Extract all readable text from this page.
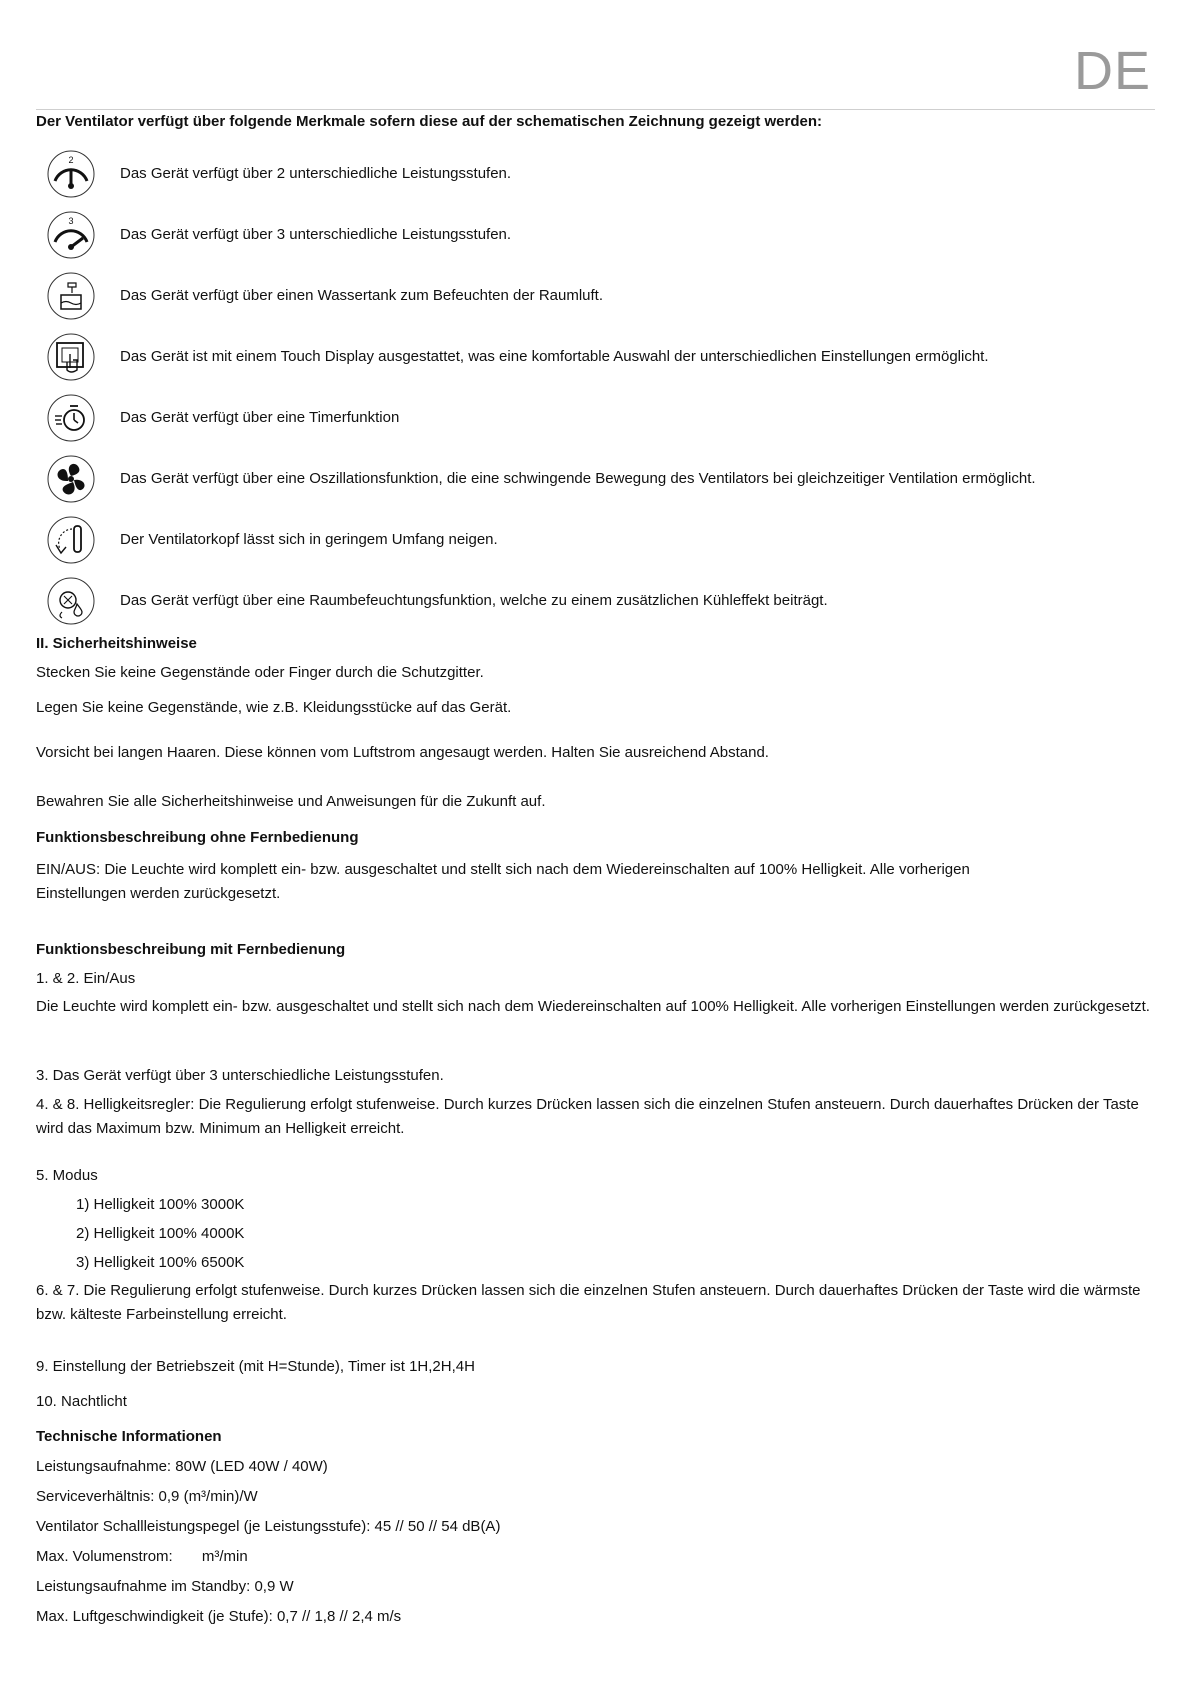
DE

Der Ventilator verfügt über folgende Merkmale sofern diese auf der schematischen Zeichnung gezeigt werden:

2
Das Gerät verfügt über 2 unterschiedliche Leistungsstufen.
3
Das Gerät verfügt über 3 unterschiedliche Leistungsstufen.
Das Gerät verfügt über einen Wassertank zum Befeuchten der Raumluft.
Das Gerät ist mit einem Touch Display ausgestattet, was eine komfortable Auswahl der unterschiedlichen Einstellungen ermöglicht.
Das Gerät verfügt über eine Timerfunktion
Das Gerät verfügt über eine Oszillationsfunktion, die eine schwingende Bewegung des Ventilators bei gleichzeitiger Ventilation ermöglicht.
Der Ventilatorkopf lässt sich in geringem Umfang neigen.
Das Gerät verfügt über eine Raumbefeuchtungsfunktion, welche zu einem zusätzlichen Kühleffekt beiträgt.

II. Sicherheitshinweise

Stecken Sie keine Gegenstände oder Finger durch die Schutzgitter.

Legen Sie keine Gegenstände, wie z.B. Kleidungsstücke auf das Gerät.

Vorsicht bei langen Haaren. Diese können vom Luftstrom angesaugt werden. Halten Sie ausreichend Abstand.

Bewahren Sie alle Sicherheitshinweise und Anweisungen für die Zukunft auf.

Funktionsbeschreibung ohne Fernbedienung

EIN/AUS: Die Leuchte wird komplett ein- bzw. ausgeschaltet und stellt sich nach dem Wiedereinschalten auf 100% Helligkeit. Alle vorherigen Einstellungen werden zurückgesetzt.

Funktionsbeschreibung mit Fernbedienung

1. & 2. Ein/Aus

Die Leuchte wird komplett ein- bzw. ausgeschaltet und stellt sich nach dem Wiedereinschalten auf 100% Helligkeit. Alle vorherigen Einstellungen werden zurückgesetzt.

3. Das Gerät verfügt über 3 unterschiedliche Leistungsstufen.

4. & 8. Helligkeitsregler: Die Regulierung erfolgt stufenweise. Durch kurzes Drücken lassen sich die einzelnen Stufen ansteuern. Durch dauerhaftes Drücken der Taste wird das Maximum bzw. Minimum an Helligkeit erreicht.

5. Modus

1) Helligkeit 100% 3000K

2) Helligkeit 100% 4000K

3) Helligkeit 100% 6500K

6. & 7. Die Regulierung erfolgt stufenweise. Durch kurzes Drücken lassen sich die einzelnen Stufen ansteuern. Durch dauerhaftes Drücken der Taste wird die wärmste bzw. kälteste Farbeinstellung erreicht.

9. Einstellung der Betriebszeit (mit H=Stunde), Timer ist 1H,2H,4H

10. Nachtlicht

Technische Informationen

Leistungsaufnahme: 80W (LED 40W / 40W)

Serviceverhältnis: 0,9 (m³/min)/W

Ventilator Schallleistungspegel (je Leistungsstufe): 45 // 50 // 54 dB(A)

Max. Volumenstrom:       m³/min

Leistungsaufnahme im Standby: 0,9 W

Max. Luftgeschwindigkeit (je Stufe): 0,7 // 1,8 // 2,4 m/s
